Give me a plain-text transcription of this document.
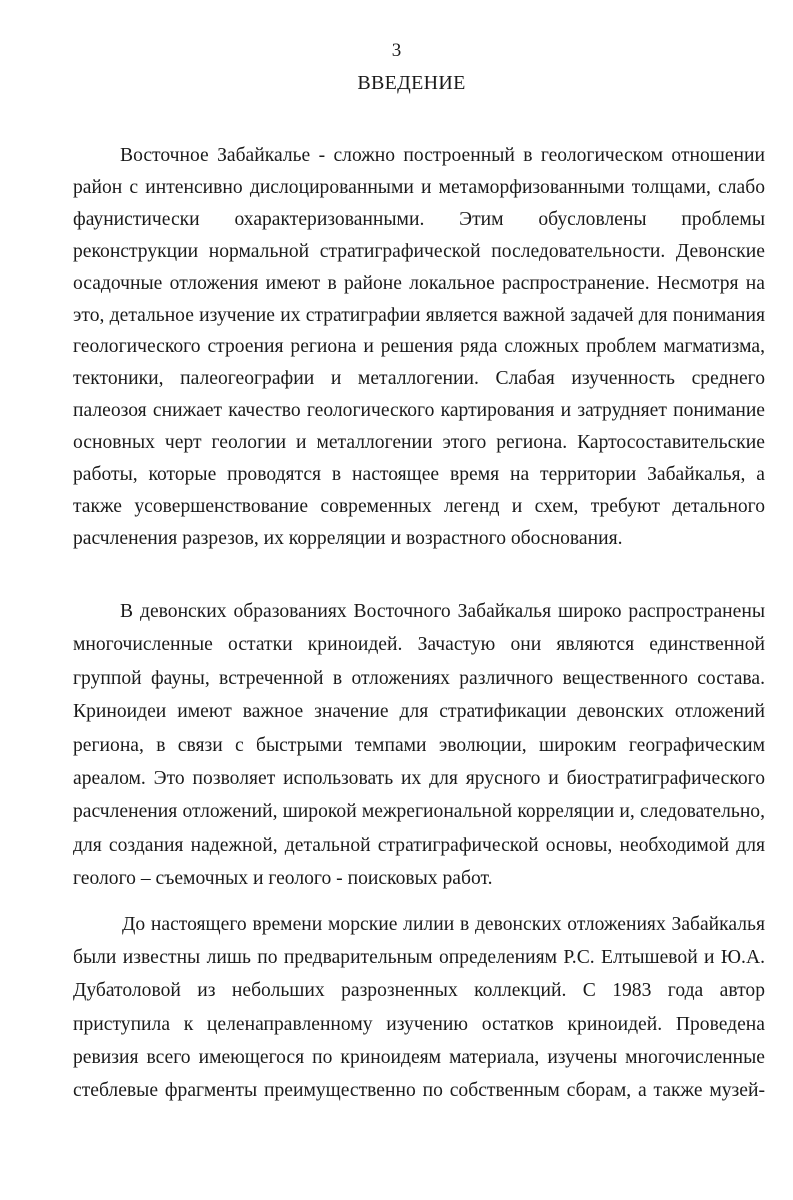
3
ВВЕДЕНИЕ

Восточное Забайкалье - сложно построенный в геологическом отношении район с интенсивно дислоцированными и метаморфизованными толщами, слабо фаунистически охарактеризованными. Этим обусловлены проблемы реконструкции нормальной стратиграфической последовательности. Девонские осадочные отложения имеют в районе локальное распространение. Несмотря на это, детальное изучение их стратиграфии является важной задачей для понимания геологического строения региона и решения ряда сложных проблем магматизма, тектоники, палеогеографии и металлогении. Слабая изученность среднего палеозоя снижает качество геологического картирования и затрудняет понимание основных черт геологии и металлогении этого региона. Картосоставительские работы, которые проводятся в настоящее время на территории Забайкалья, а также усовершенствование современных легенд и схем, требуют детального расчленения разрезов, их корреляции и возрастного обоснования.

В девонских образованиях Восточного Забайкалья широко распространены многочисленные остатки криноидей. Зачастую они являются единственной группой фауны, встреченной в отложениях различного вещественного состава. Криноидеи имеют важное значение для стратификации девонских отложений региона, в связи с быстрыми темпами эволюции, широким географическим ареалом. Это позволяет использовать их для ярусного и биостратиграфического расчленения отложений, широкой межрегиональной корреляции и, следовательно, для создания надежной, детальной стратиграфической основы, необходимой для геолого – съемочных и геолого - поисковых работ.

До настоящего времени морские лилии в девонских отложениях Забайкалья были известны лишь по предварительным определениям Р.С. Елтышевой и Ю.А. Дубатоловой из небольших разрозненных коллекций. С 1983 года автор приступила к целенаправленному изучению остатков криноидей. Проведена ревизия всего имеющегося по криноидеям материала, изучены многочисленные стеблевые фрагменты преимущественно по собственным сборам, а также музей-
